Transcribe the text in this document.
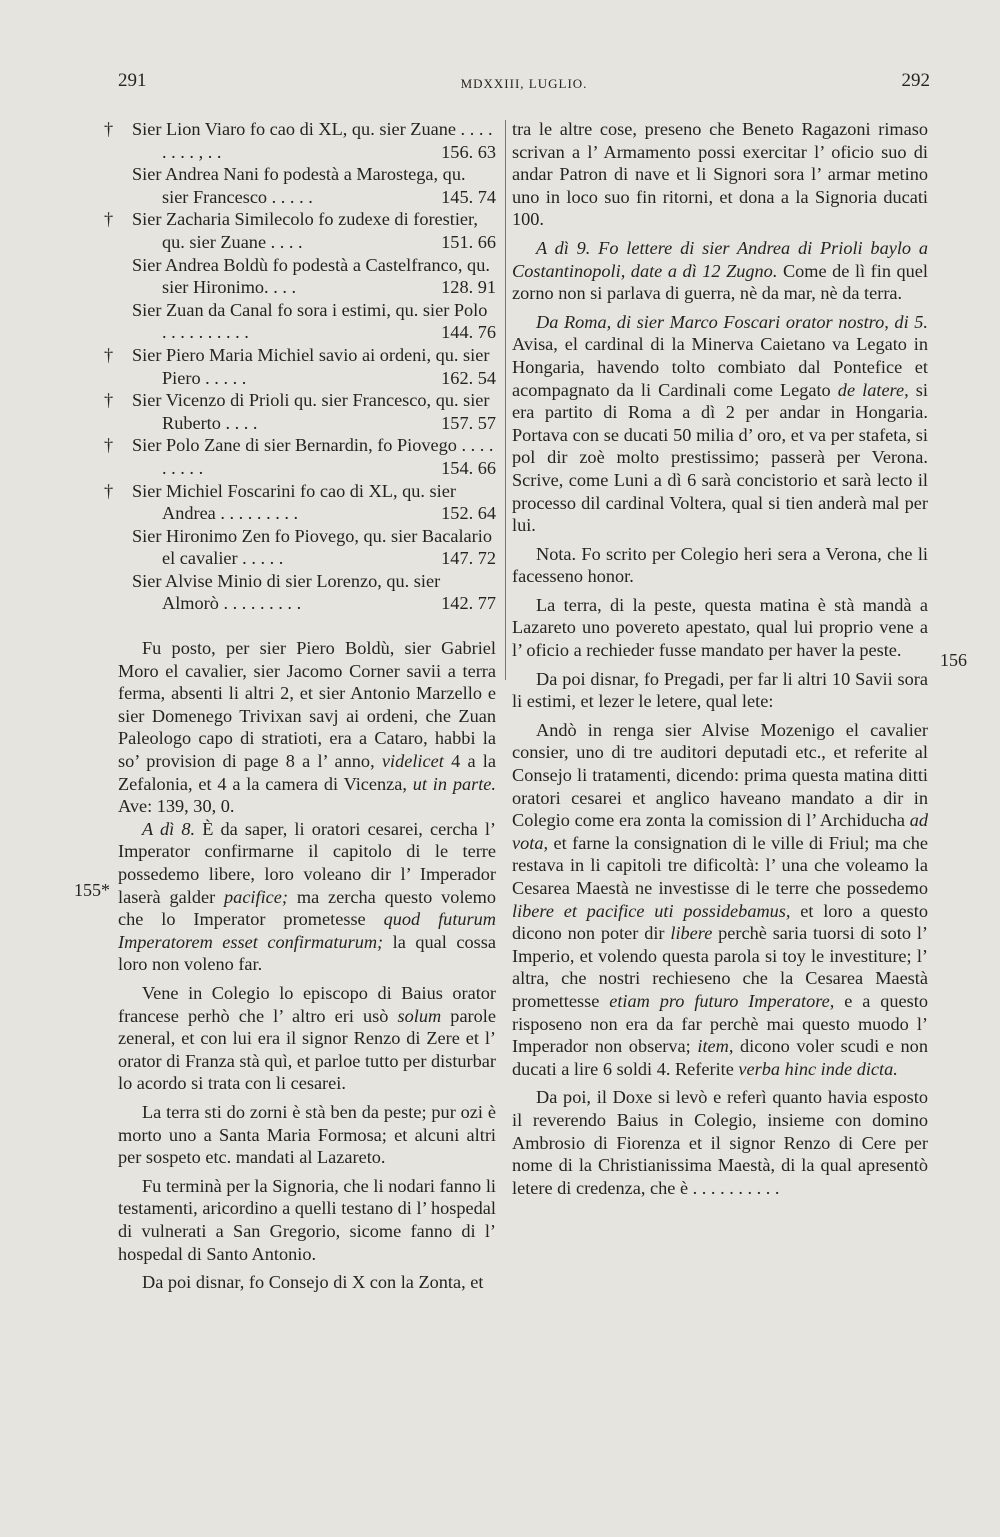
291	MDXXIII, LUGLIO.	292

† Sier Lion Viaro fo cao di XL, qu. sier Zuane . . . . . . . . , . .	156. 63

Sier Andrea Nani fo podestà a Marostega, qu. sier Francesco . . . . .	145. 74

† Sier Zacharia Similecolo fo zudexe di forestier, qu. sier Zuane . . . .	151. 66

Sier Andrea Boldù fo podestà a Castelfranco, qu. sier Hironimo. . . .	128. 91

Sier Zuan da Canal fo sora i estimi, qu. sier Polo . . . . . . . . . .	144. 76

† Sier Piero Maria Michiel savio ai ordeni, qu. sier Piero . . . . .	162. 54

† Sier Vicenzo di Prioli qu. sier Francesco, qu. sier Ruberto . . . .	157. 57

† Sier Polo Zane di sier Bernardin, fo Piovego . . . . . . . . .	154. 66

† Sier Michiel Foscarini fo cao di XL, qu. sier Andrea . . . . . . . . .	152. 64

Sier Hironimo Zen fo Piovego, qu. sier Bacalario el cavalier . . . . .	147. 72

Sier Alvise Minio di sier Lorenzo, qu. sier Almorò . . . . . . . . .	142. 77

Fu posto, per sier Piero Boldù, sier Gabriel Moro el cavalier, sier Jacomo Corner savii a terra ferma, absenti li altri 2, et sier Antonio Marzello e sier Domenego Trivixan savj ai ordeni, che Zuan Paleologo capo di stratioti, era a Cataro, habbi la so’ provision di page 8 a l’ anno, videlicet 4 a la Zefalonia, et 4 a la camera di Vicenza, ut in parte. Ave: 139, 30, 0.

A dì 8. È da saper, li oratori cesarei, cercha l’ Imperator confirmarne il capitolo di le terre possedemo libere, loro voleano dir l’ Imperador laserà galder pacifice; ma zercha questo volemo che lo Imperator prometesse quod futurum Imperatorem esset confirmaturum; la qual cossa loro non voleno far.

Vene in Colegio lo episcopo di Baius orator francese perhò che l’ altro eri usò solum parole zeneral, et con lui era il signor Renzo di Zere et l’ orator di Franza stà quì, et parloe tutto per disturbar lo acordo si trata con li cesarei.

La terra sti do zorni è stà ben da peste; pur ozi è morto uno a Santa Maria Formosa; et alcuni altri per sospeto etc. mandati al Lazareto.

Fu terminà per la Signoria, che li nodari fanno li testamenti, aricordino a quelli testano di l’ hospedal di vulnerati a San Gregorio, sicome fanno di l’ hospedal di Santo Antonio.

Da poi disnar, fo Consejo di X con la Zonta, et

155*

tra le altre cose, preseno che Beneto Ragazoni rimaso scrivan a l’ Armamento possi exercitar l’ oficio suo di andar Patron di nave et li Signori sora l’ armar metino uno in loco suo fin ritorni, et dona a la Signoria ducati 100.

A dì 9. Fo lettere di sier Andrea di Prioli baylo a Costantinopoli, date a dì 12 Zugno. Come de lì fin quel zorno non si parlava di guerra, nè da mar, nè da terra.

Da Roma, di sier Marco Foscari orator nostro, di 5. Avisa, el cardinal di la Minerva Caietano va Legato in Hongaria, havendo tolto combiato dal Pontefice et acompagnato da li Cardinali come Legato de latere, si era partito di Roma a dì 2 per andar in Hongaria. Portava con se ducati 50 milia d’ oro, et va per stafeta, si pol dir zoè molto prestissimo; passerà per Verona. Scrive, come Luni a dì 6 sarà concistorio et sarà lecto il processo dil cardinal Voltera, qual si tien anderà mal per lui.

Nota. Fo scrito per Colegio heri sera a Verona, che li facesseno honor.

La terra, di la peste, questa matina è stà mandà a Lazareto uno povereto apestato, qual lui proprio vene a l’ oficio a rechieder fusse mandato per haver la peste.

Da poi disnar, fo Pregadi, per far li altri 10 Savii sora li estimi, et lezer le letere, qual lete:

Andò in renga sier Alvise Mozenigo el cavalier consier, uno di tre auditori deputadi etc., et referite al Consejo li tratamenti, dicendo: prima questa matina ditti oratori cesarei et anglico haveano mandato a dir in Colegio come era zonta la comission di l’ Archiducha ad vota, et farne la consignation di le ville di Friul; ma che restava in li capitoli tre dificoltà: l’ una che voleamo la Cesarea Maestà ne investisse di le terre che possedemo libere et pacifice uti possidebamus, et loro a questo dicono non poter dir libere perchè saria tuorsi di soto l’ Imperio, et volendo questa parola si toy le investiture; l’ altra, che nostri rechieseno che la Cesarea Maestà promettesse etiam pro futuro Imperatore, e a questo risposeno non era da far perchè mai questo muodo l’ Imperador non observa; item, dicono voler scudi e non ducati a lire 6 soldi 4. Referite verba hinc inde dicta.

Da poi, il Doxe si levò e referì quanto havia esposto il reverendo Baius in Colegio, insieme con domino Ambrosio di Fiorenza et il signor Renzo di Cere per nome di la Christianissima Maestà, di la qual apresentò letere di credenza, che è . . . . . . . . . .

156
